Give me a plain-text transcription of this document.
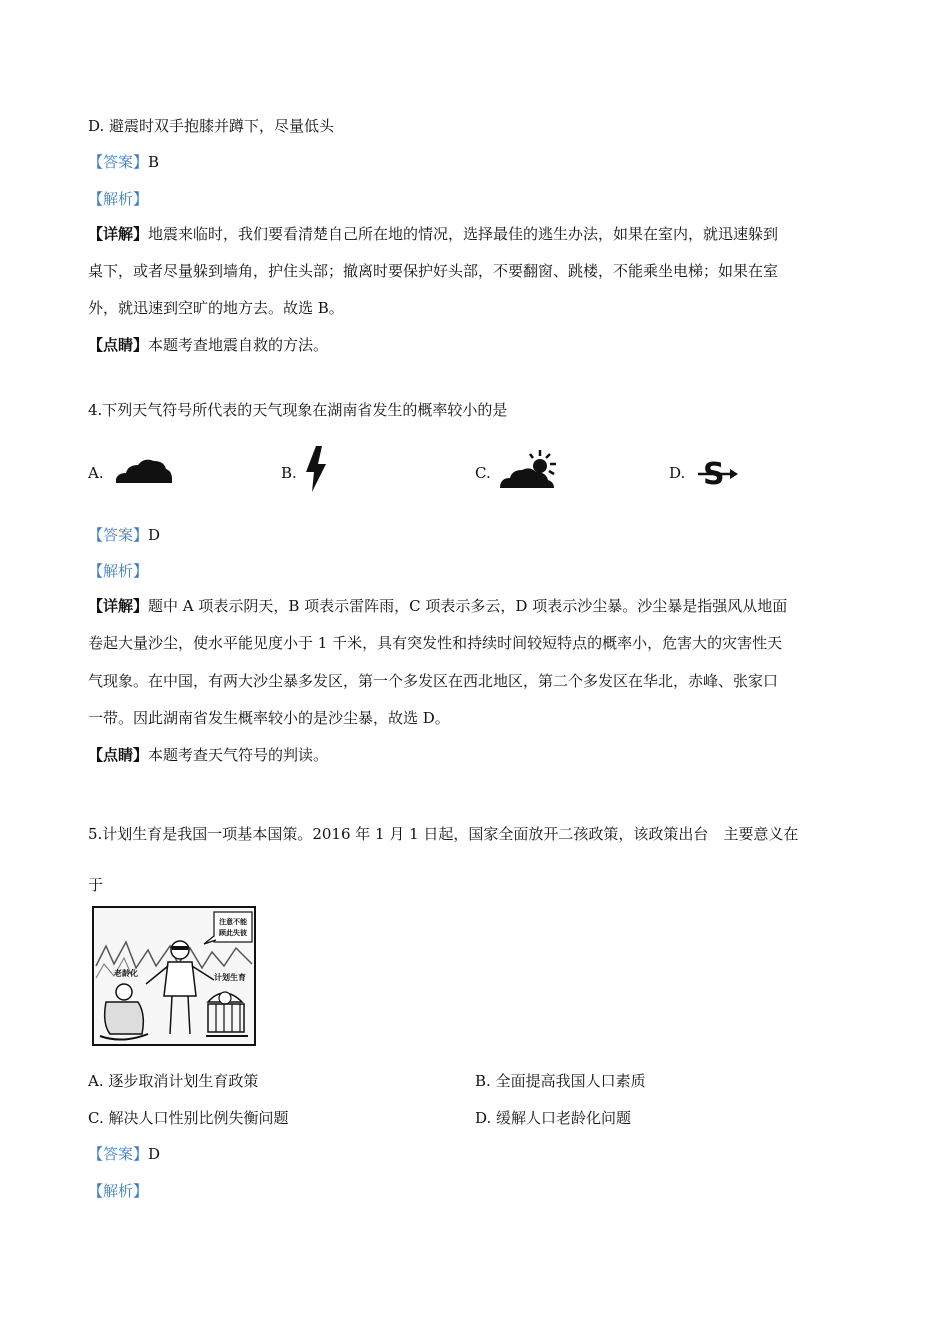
D. 避震时双手抱膝并蹲下，尽量低头
【答案】B
【解析】
【详解】地震来临时，我们要看清楚自己所在地的情况，选择最佳的逃生办法，如果在室内，就迅速躲到
桌下，或者尽量躲到墙角，护住头部；撤离时要保护好头部，不要翻窗、跳楼，不能乘坐电梯；如果在室
外，就迅速到空旷的地方去。故选 B。
【点睛】本题考查地震自救的方法。
4.下列天气符号所代表的天气现象在湖南省发生的概率较小的是
A.	B.	C.	D. S
【答案】D
【解析】
【详解】题中 A 项表示阴天，B 项表示雷阵雨，C 项表示多云，D 项表示沙尘暴。沙尘暴是指强风从地面
卷起大量沙尘，使水平能见度小于 1 千米，具有突发性和持续时间较短特点的概率小，危害大的灾害性天
气现象。在中国，有两大沙尘暴多发区，第一个多发区在西北地区，第二个多发区在华北，赤峰、张家口
一带。因此湖南省发生概率较小的是沙尘暴，故选 D。
【点睛】本题考查天气符号的判读。
5.计划生育是我国一项基本国策。2016 年 1 月 1 日起，国家全面放开二孩政策，该政策出台　主要意义在
于
注意不能
顾此失彼
老龄化	计划生育
A. 逐步取消计划生育政策	B. 全面提高我国人口素质
C. 解决人口性别比例失衡问题	D. 缓解人口老龄化问题
【答案】D
【解析】
